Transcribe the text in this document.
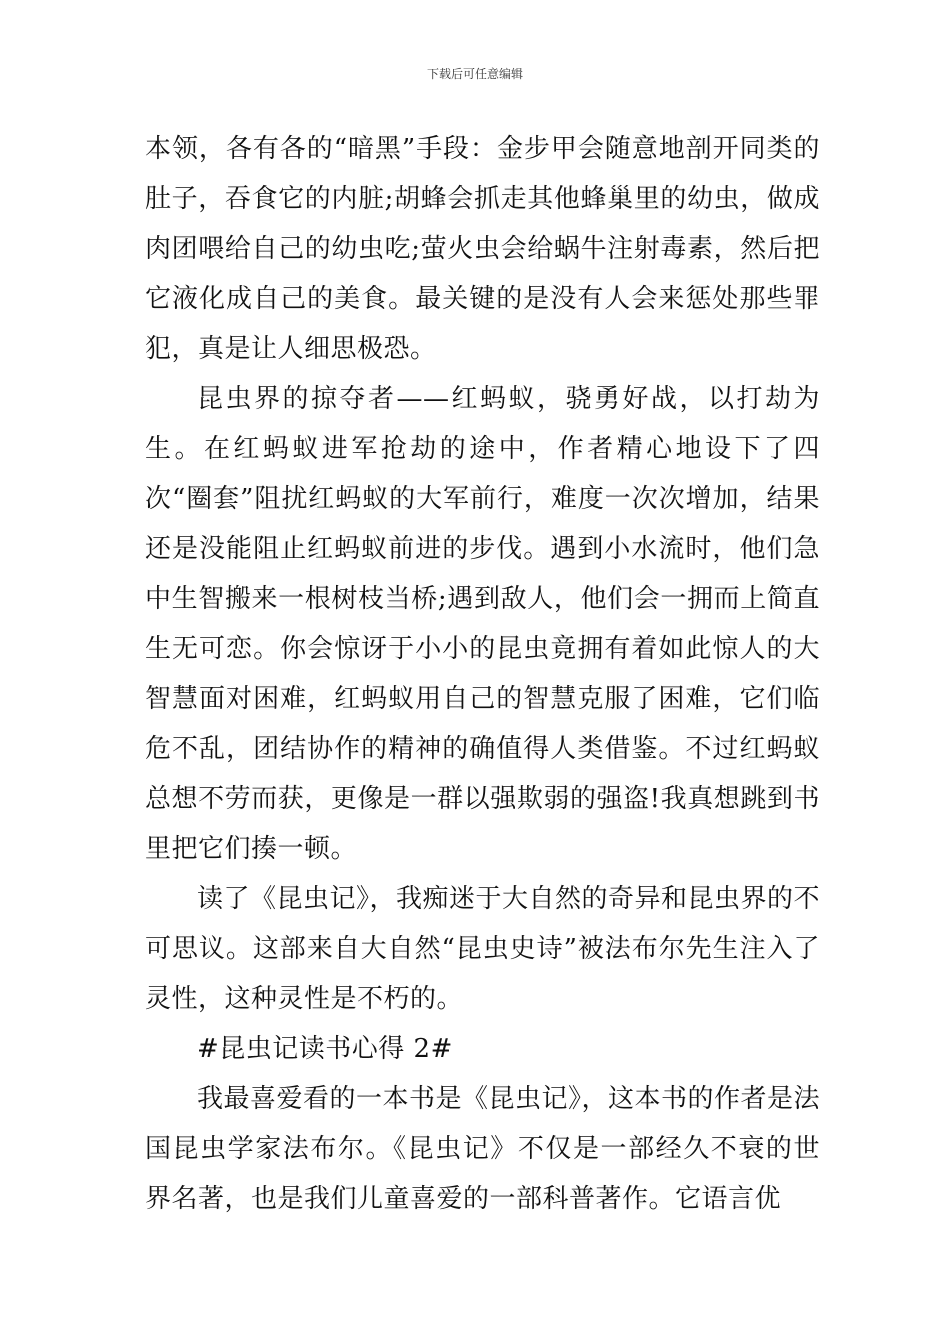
下载后可任意编辑

本领，各有各的“暗黑”手段：金步甲会随意地剖开同类的肚子，吞食它的内脏;胡蜂会抓走其他蜂巢里的幼虫，做成肉团喂给自己的幼虫吃;萤火虫会给蜗牛注射毒素，然后把它液化成自己的美食。最关键的是没有人会来惩处那些罪犯，真是让人细思极恐。

昆虫界的掠夺者——红蚂蚁，骁勇好战，以打劫为生。在红蚂蚁进军抢劫的途中，作者精心地设下了四次“圈套”阻扰红蚂蚁的大军前行，难度一次次增加，结果还是没能阻止红蚂蚁前进的步伐。遇到小水流时，他们急中生智搬来一根树枝当桥;遇到敌人，他们会一拥而上简直生无可恋。你会惊讶于小小的昆虫竟拥有着如此惊人的大智慧面对困难，红蚂蚁用自己的智慧克服了困难，它们临危不乱，团结协作的精神的确值得人类借鉴。不过红蚂蚁总想不劳而获，更像是一群以强欺弱的强盗!我真想跳到书里把它们揍一顿。

读了《昆虫记》，我痴迷于大自然的奇异和昆虫界的不可思议。这部来自大自然“昆虫史诗”被法布尔先生注入了灵性，这种灵性是不朽的。

#昆虫记读书心得 2#

我最喜爱看的一本书是《昆虫记》，这本书的作者是法国昆虫学家法布尔。《昆虫记》不仅是一部经久不衰的世界名著，也是我们儿童喜爱的一部科普著作。它语言优
